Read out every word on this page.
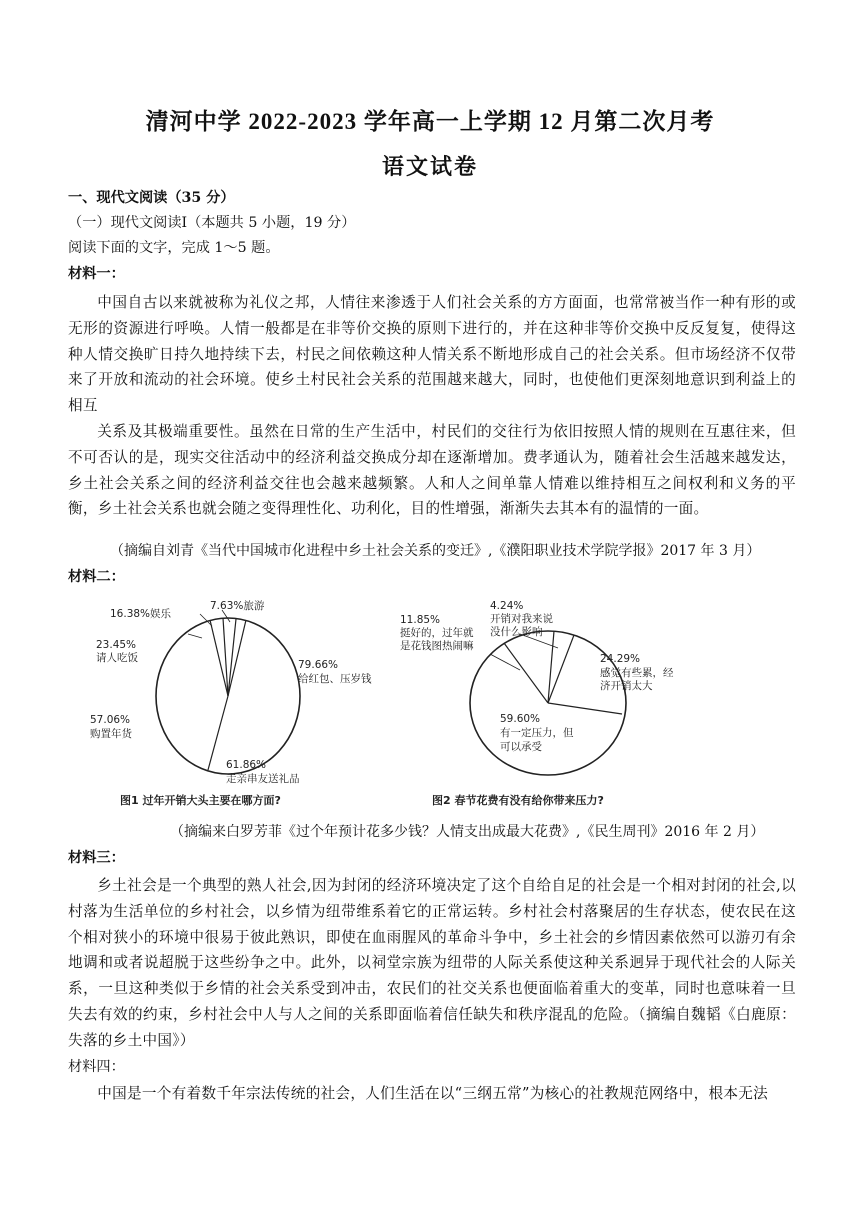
清河中学 2022-2023 学年高一上学期 12 月第二次月考
语文试卷
一、现代文阅读（35 分）
（一）现代文阅读Ⅰ（本题共 5 小题，19 分）
阅读下面的文字，完成 1～5 题。
材料一：

中国自古以来就被称为礼仪之邦，人情往来渗透于人们社会关系的方方面面，也常常被当作一种有形的或无形的资源进行呼唤。人情一般都是在非等价交换的原则下进行的，并在这种非等价交换中反反复复，使得这种人情交换旷日持久地持续下去，村民之间依赖这种人情关系不断地形成自己的社会关系。但市场经济不仅带来了开放和流动的社会环境。使乡土村民社会关系的范围越来越大，同时，也使他们更深刻地意识到利益上的相互

关系及其极端重要性。虽然在日常的生产生活中，村民们的交往行为依旧按照人情的规则在互惠往来，但不可否认的是，现实交往活动中的经济利益交换成分却在逐渐增加。费孝通认为，随着社会生活越来越发达，乡土社会关系之间的经济利益交往也会越来越频繁。人和人之间单靠人情难以维持相互之间权利和义务的平衡，乡土社会关系也就会随之变得理性化、功利化，目的性增强，渐渐失去其本有的温情的一面。

（摘编自刘青《当代中国城市化进程中乡土社会关系的变迁》,《濮阳职业技术学院学报》2017 年 3 月）
材料二：
16.38%娱乐
7.63%旅游
23.45%
请人吃饭
79.66%
给红包、压岁钱
57.06%
购置年货
61.86%
走亲串友送礼品
图1 过年开销大头主要在哪方面?
11.85%
挺好的，过年就
是花钱图热闹嘛
4.24%
开销对我来说
没什么影响
24.29%
感觉有些累，经
济开销太大
59.60%
有一定压力，但
可以承受
图2 春节花费有没有给你带来压力?
（摘编来白罗芳菲《过个年预计花多少钱？人情支出成最大花费》,《民生周刊》2016 年 2 月）
材料三：

乡土社会是一个典型的熟人社会,因为封闭的经济环境决定了这个自给自足的社会是一个相对封闭的社会,以村落为生活单位的乡村社会，以乡情为纽带维系着它的正常运转。乡村社会村落聚居的生存状态，使农民在这个相对狭小的环境中很易于彼此熟识，即使在血雨腥风的革命斗争中，乡土社会的乡情因素依然可以游刃有余地调和或者说超脱于这些纷争之中。此外，以祠堂宗族为纽带的人际关系使这种关系迥异于现代社会的人际关系，一旦这种类似于乡情的社会关系受到冲击，农民们的社交关系也便面临着重大的变革，同时也意味着一旦失去有效的约束，乡村社会中人与人之间的关系即面临着信任缺失和秩序混乱的危险。（摘编自魏韬《白鹿原：失落的乡土中国》）

材料四：

中国是一个有着数千年宗法传统的社会，人们生活在以“三纲五常”为核心的社教规范网络中，根本无法
